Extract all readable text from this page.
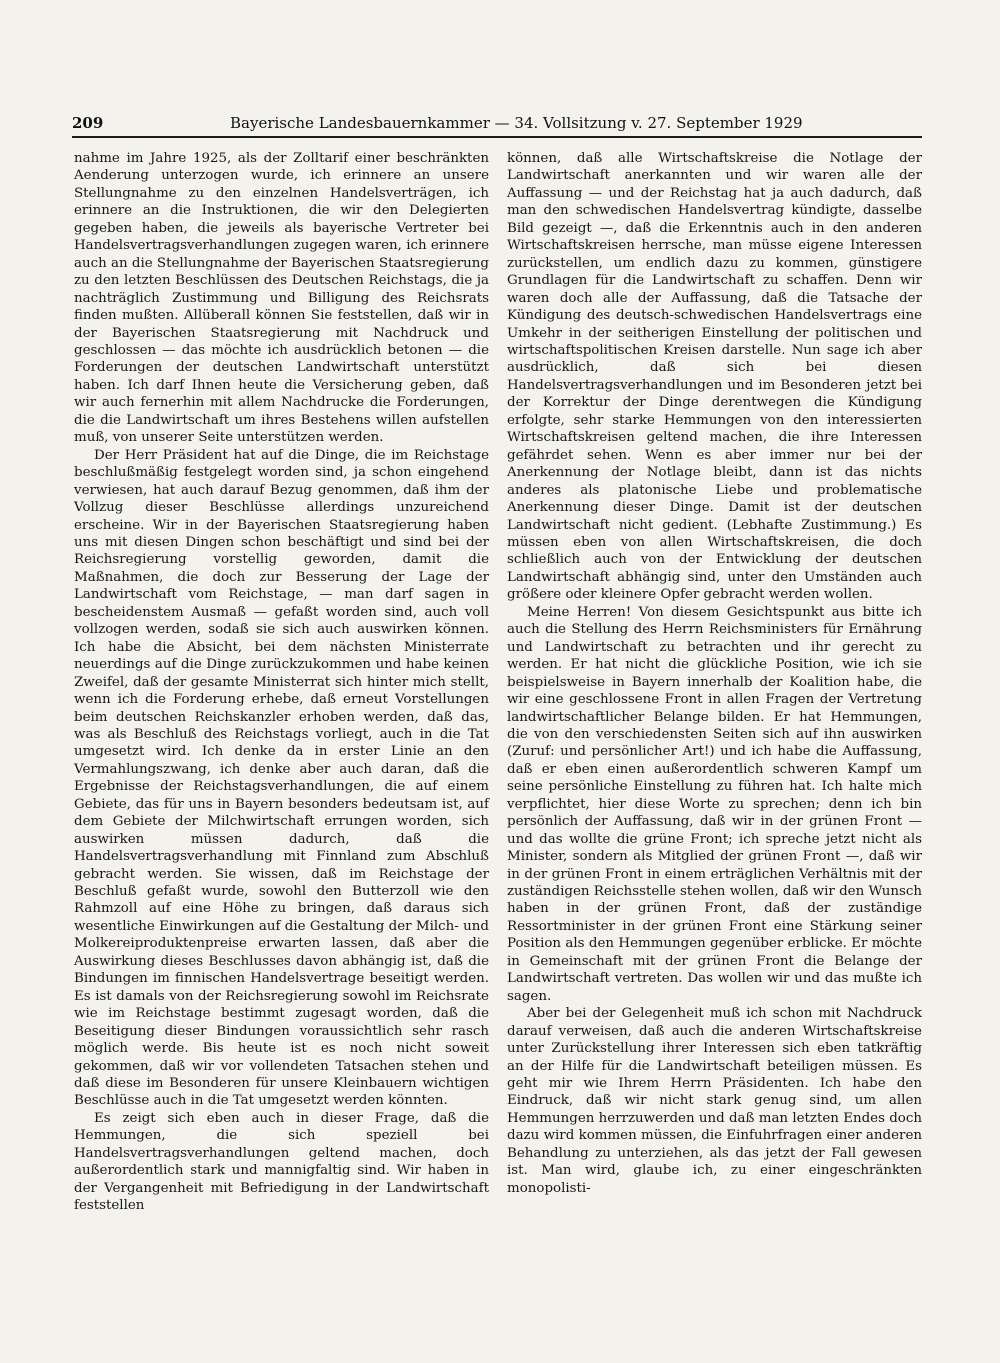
209	Bayerische Landesbauernkammer — 34. Vollsitzung v. 27. September 1929

nahme im Jahre 1925, als der Zolltarif einer beschränkten Aenderung unterzogen wurde, ich erinnere an unsere Stellungnahme zu den einzelnen Handelsverträgen, ich erinnere an die Instruktionen, die wir den Delegierten gegeben haben, die jeweils als bayerische Vertreter bei Handelsvertragsverhandlungen zugegen waren, ich erinnere auch an die Stellungnahme der Bayerischen Staatsregierung zu den letzten Beschlüssen des Deutschen Reichstags, die ja nachträglich Zustimmung und Billigung des Reichsrats finden mußten. Allüberall können Sie feststellen, daß wir in der Bayerischen Staatsregierung mit Nachdruck und geschlossen — das möchte ich ausdrücklich betonen — die Forderungen der deutschen Landwirtschaft unterstützt haben. Ich darf Ihnen heute die Versicherung geben, daß wir auch fernerhin mit allem Nachdrucke die Forderungen, die die Landwirtschaft um ihres Bestehens willen aufstellen muß, von unserer Seite unterstützen werden.

Der Herr Präsident hat auf die Dinge, die im Reichstage beschlußmäßig festgelegt worden sind, ja schon eingehend verwiesen, hat auch darauf Bezug genommen, daß ihm der Vollzug dieser Beschlüsse allerdings unzureichend erscheine. Wir in der Bayerischen Staatsregierung haben uns mit diesen Dingen schon beschäftigt und sind bei der Reichsregierung vorstellig geworden, damit die Maßnahmen, die doch zur Besserung der Lage der Landwirtschaft vom Reichstage, — man darf sagen in bescheidenstem Ausmaß — gefaßt worden sind, auch voll vollzogen werden, sodaß sie sich auch auswirken können. Ich habe die Absicht, bei dem nächsten Ministerrate neuerdings auf die Dinge zurückzukommen und habe keinen Zweifel, daß der gesamte Ministerrat sich hinter mich stellt, wenn ich die Forderung erhebe, daß erneut Vorstellungen beim deutschen Reichskanzler erhoben werden, daß das, was als Beschluß des Reichstags vorliegt, auch in die Tat umgesetzt wird. Ich denke da in erster Linie an den Vermahlungszwang, ich denke aber auch daran, daß die Ergebnisse der Reichstagsverhandlungen, die auf einem Gebiete, das für uns in Bayern besonders bedeutsam ist, auf dem Gebiete der Milchwirtschaft errungen worden, sich auswirken müssen dadurch, daß die Handelsvertragsverhandlung mit Finnland zum Abschluß gebracht werden. Sie wissen, daß im Reichstage der Beschluß gefaßt wurde, sowohl den Butterzoll wie den Rahmzoll auf eine Höhe zu bringen, daß daraus sich wesentliche Einwirkungen auf die Gestaltung der Milch- und Molkereiproduktenpreise erwarten lassen, daß aber die Auswirkung dieses Beschlusses davon abhängig ist, daß die Bindungen im finnischen Handelsvertrage beseitigt werden. Es ist damals von der Reichsregierung sowohl im Reichsrate wie im Reichstage bestimmt zugesagt worden, daß die Beseitigung dieser Bindungen voraussichtlich sehr rasch möglich werde. Bis heute ist es noch nicht soweit gekommen, daß wir vor vollendeten Tatsachen stehen und daß diese im Besonderen für unsere Kleinbauern wichtigen Beschlüsse auch in die Tat umgesetzt werden könnten.

Es zeigt sich eben auch in dieser Frage, daß die Hemmungen, die sich speziell bei Handelsvertragsverhandlungen geltend machen, doch außerordentlich stark und mannigfaltig sind. Wir haben in der Vergangenheit mit Befriedigung in der Landwirtschaft feststellen

können, daß alle Wirtschaftskreise die Notlage der Landwirtschaft anerkannten und wir waren alle der Auffassung — und der Reichstag hat ja auch dadurch, daß man den schwedischen Handelsvertrag kündigte, dasselbe Bild gezeigt —, daß die Erkenntnis auch in den anderen Wirtschaftskreisen herrsche, man müsse eigene Interessen zurückstellen, um endlich dazu zu kommen, günstigere Grundlagen für die Landwirtschaft zu schaffen. Denn wir waren doch alle der Auffassung, daß die Tatsache der Kündigung des deutsch-schwedischen Handelsvertrags eine Umkehr in der seitherigen Einstellung der politischen und wirtschaftspolitischen Kreisen darstelle. Nun sage ich aber ausdrücklich, daß sich bei diesen Handelsvertragsverhandlungen und im Besonderen jetzt bei der Korrektur der Dinge derentwegen die Kündigung erfolgte, sehr starke Hemmungen von den interessierten Wirtschaftskreisen geltend machen, die ihre Interessen gefährdet sehen. Wenn es aber immer nur bei der Anerkennung der Notlage bleibt, dann ist das nichts anderes als platonische Liebe und problematische Anerkennung dieser Dinge. Damit ist der deutschen Landwirtschaft nicht gedient. (Lebhafte Zustimmung.) Es müssen eben von allen Wirtschaftskreisen, die doch schließlich auch von der Entwicklung der deutschen Landwirtschaft abhängig sind, unter den Umständen auch größere oder kleinere Opfer gebracht werden wollen.

Meine Herren! Von diesem Gesichtspunkt aus bitte ich auch die Stellung des Herrn Reichsministers für Ernährung und Landwirtschaft zu betrachten und ihr gerecht zu werden. Er hat nicht die glückliche Position, wie ich sie beispielsweise in Bayern innerhalb der Koalition habe, die wir eine geschlossene Front in allen Fragen der Vertretung landwirtschaftlicher Belange bilden. Er hat Hemmungen, die von den verschiedensten Seiten sich auf ihn auswirken (Zuruf: und persönlicher Art!) und ich habe die Auffassung, daß er eben einen außerordentlich schweren Kampf um seine persönliche Einstellung zu führen hat. Ich halte mich verpflichtet, hier diese Worte zu sprechen; denn ich bin persönlich der Auffassung, daß wir in der grünen Front — und das wollte die grüne Front; ich spreche jetzt nicht als Minister, sondern als Mitglied der grünen Front —, daß wir in der grünen Front in einem erträglichen Verhältnis mit der zuständigen Reichsstelle stehen wollen, daß wir den Wunsch haben in der grünen Front, daß der zuständige Ressortminister in der grünen Front eine Stärkung seiner Position als den Hemmungen gegenüber erblicke. Er möchte in Gemeinschaft mit der grünen Front die Belange der Landwirtschaft vertreten. Das wollen wir und das mußte ich sagen.

Aber bei der Gelegenheit muß ich schon mit Nachdruck darauf verweisen, daß auch die anderen Wirtschaftskreise unter Zurückstellung ihrer Interessen sich eben tatkräftig an der Hilfe für die Landwirtschaft beteiligen müssen. Es geht mir wie Ihrem Herrn Präsidenten. Ich habe den Eindruck, daß wir nicht stark genug sind, um allen Hemmungen herrzuwerden und daß man letzten Endes doch dazu wird kommen müssen, die Einfuhrfragen einer anderen Behandlung zu unterziehen, als das jetzt der Fall gewesen ist. Man wird, glaube ich, zu einer eingeschränkten monopolisti-
